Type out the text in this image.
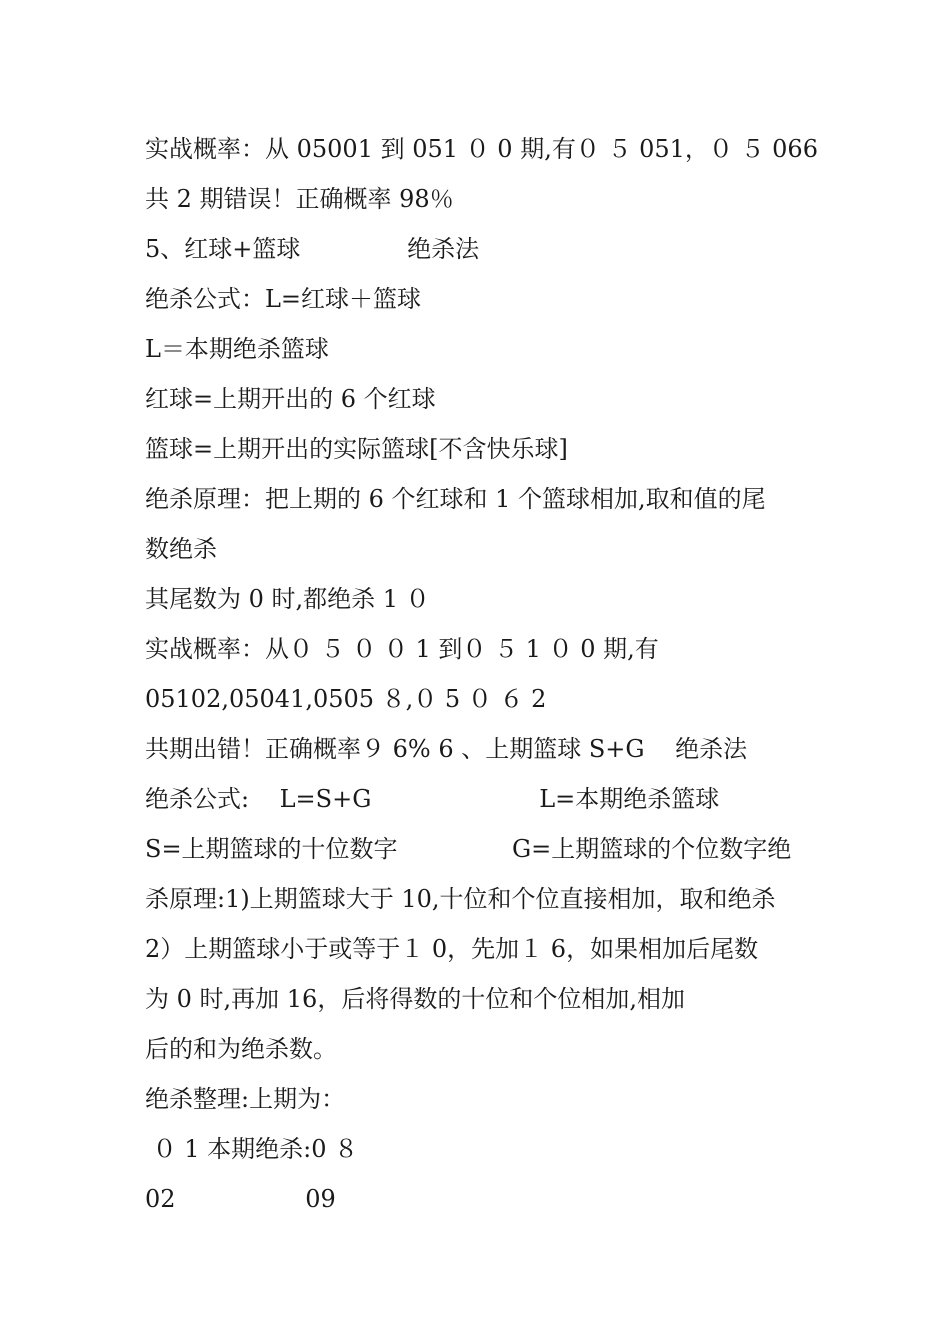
实战概率：从 05001 到 051 ０ 0 期,有０ ５ 051，０ ５ 066
共 2 期错误！正确概率 98％
5、红球+篮球              绝杀法
绝杀公式：L=红球＋篮球
L＝本期绝杀篮球
红球=上期开出的 6 个红球
篮球=上期开出的实际篮球[不含快乐球]
绝杀原理：把上期的 6 个红球和 1 个篮球相加,取和值的尾
数绝杀
其尾数为 0 时,都绝杀 1 ０
实战概率：从０ ５ ０ ０ 1 到０ ５ 1 ０ 0 期,有
05102,05041,0505 ８,０ 5 ０ ６ 2
共期出错！正确概率９ 6% 6 、上期篮球 S+G    绝杀法
绝杀公式:    L=S+G                      L=本期绝杀篮球
S=上期篮球的十位数字               G=上期篮球的个位数字绝
杀原理:1)上期篮球大于 10,十位和个位直接相加，取和绝杀
2）上期篮球小于或等于１ 0，先加１ 6，如果相加后尾数
为 0 时,再加 16，后将得数的十位和个位相加,相加
后的和为绝杀数。
绝杀整理:上期为：
０ 1 本期绝杀:0 ８
02                 09
